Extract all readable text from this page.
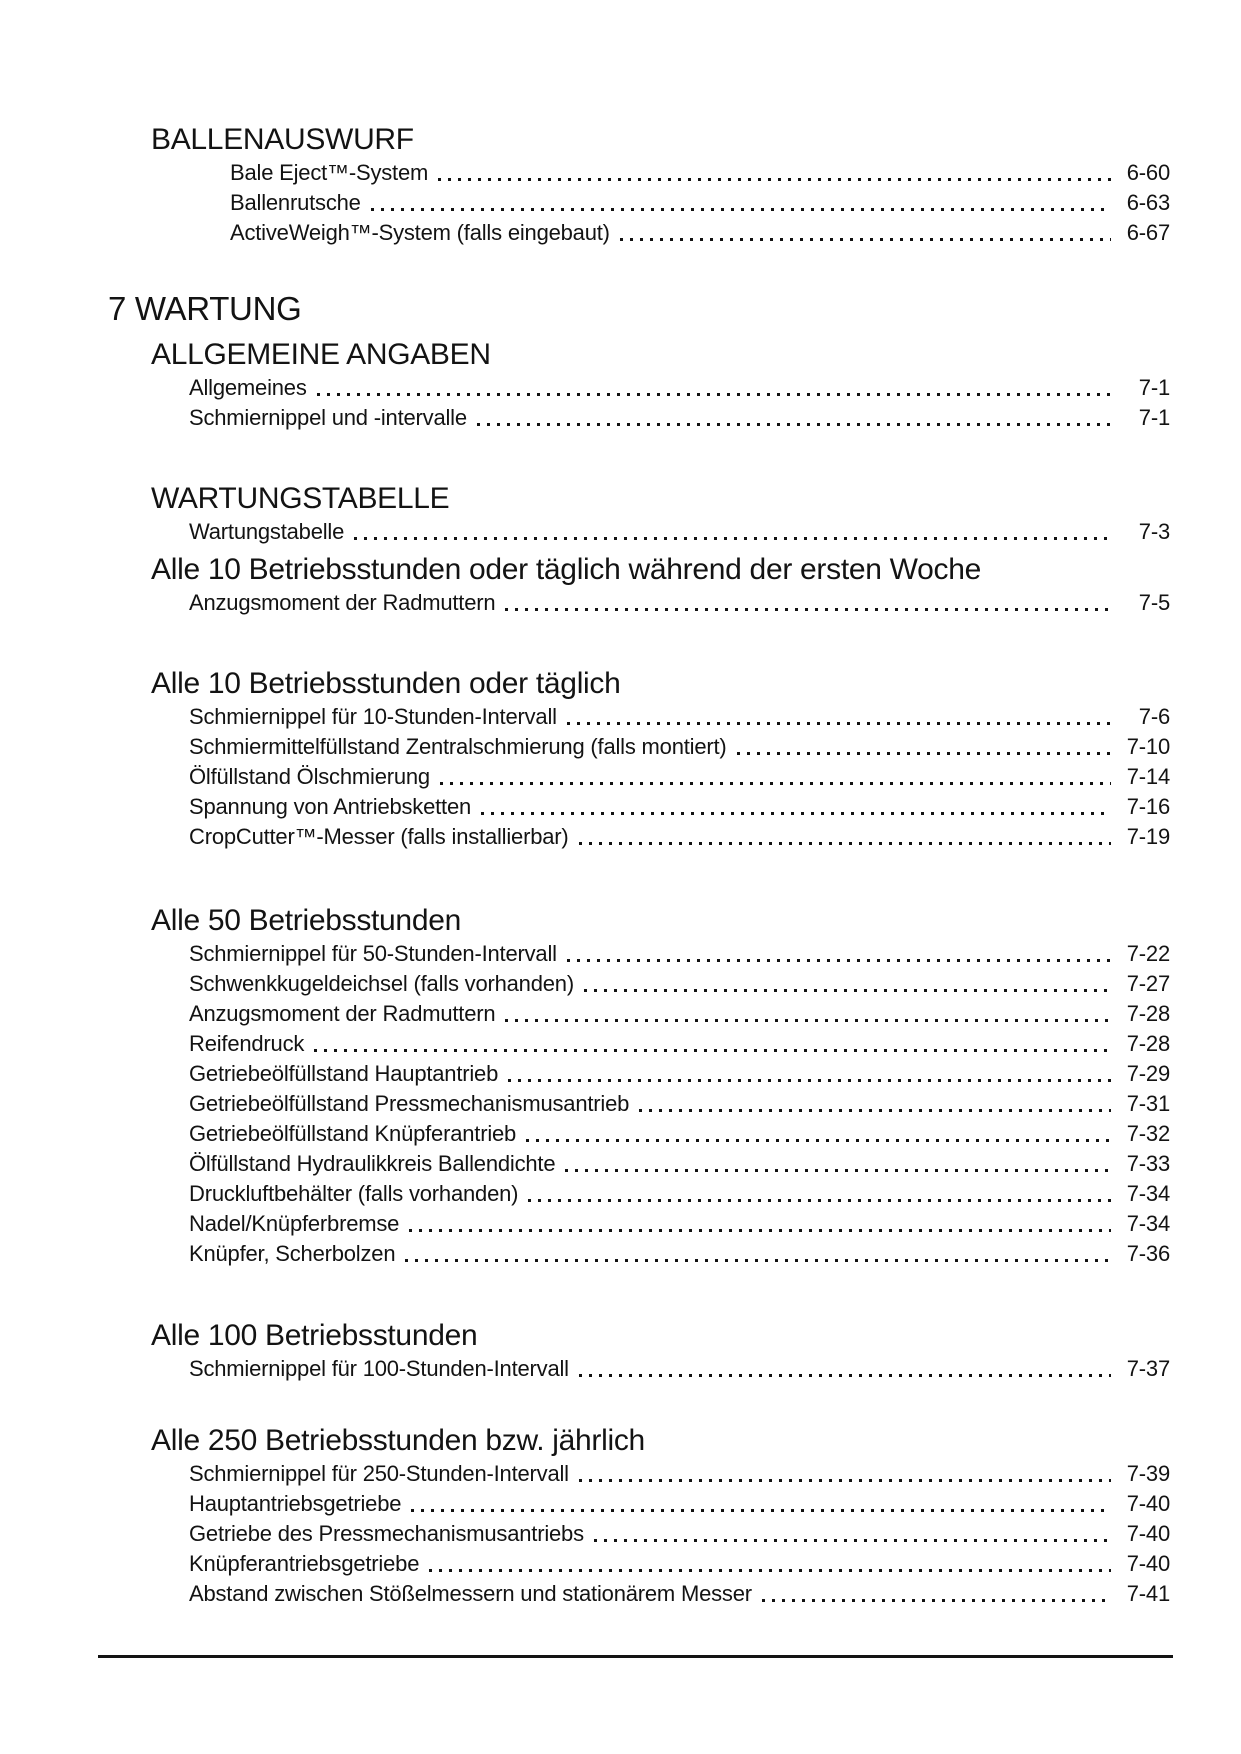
BALLENAUSWURF
Bale Eject™-System	6-60
Ballenrutsche	6-63
ActiveWeigh™-System (falls eingebaut)	6-67
7 WARTUNG
ALLGEMEINE ANGABEN
Allgemeines	7-1
Schmiernippel und -intervalle	7-1
WARTUNGSTABELLE
Wartungstabelle	7-3
Alle 10 Betriebsstunden oder täglich während der ersten Woche
Anzugsmoment der Radmuttern	7-5
Alle 10 Betriebsstunden oder täglich
Schmiernippel für 10-Stunden-Intervall	7-6
Schmiermittelfüllstand Zentralschmierung (falls montiert)	7-10
Ölfüllstand Ölschmierung	7-14
Spannung von Antriebsketten	7-16
CropCutter™-Messer (falls installierbar)	7-19
Alle 50 Betriebsstunden
Schmiernippel für 50-Stunden-Intervall	7-22
Schwenkkugeldeichsel (falls vorhanden)	7-27
Anzugsmoment der Radmuttern	7-28
Reifendruck	7-28
Getriebeölfüllstand Hauptantrieb	7-29
Getriebeölfüllstand Pressmechanismusantrieb	7-31
Getriebeölfüllstand Knüpferantrieb	7-32
Ölfüllstand Hydraulikkreis Ballendichte	7-33
Druckluftbehälter (falls vorhanden)	7-34
Nadel/Knüpferbremse	7-34
Knüpfer, Scherbolzen	7-36
Alle 100 Betriebsstunden
Schmiernippel für 100-Stunden-Intervall	7-37
Alle 250 Betriebsstunden bzw. jährlich
Schmiernippel für 250-Stunden-Intervall	7-39
Hauptantriebsgetriebe	7-40
Getriebe des Pressmechanismusantriebs	7-40
Knüpferantriebsgetriebe	7-40
Abstand zwischen Stößelmessern und stationärem Messer	7-41
